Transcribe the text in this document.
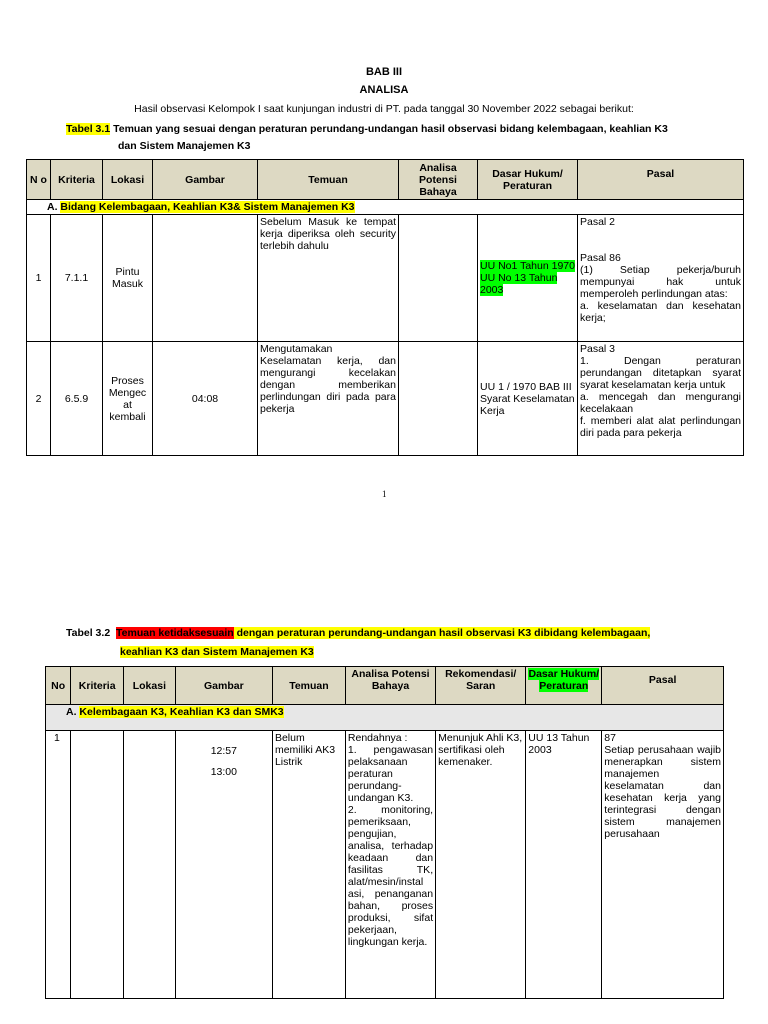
BAB III
ANALISA
Hasil observasi Kelompok I saat kunjungan industri di PT. pada tanggal 30 November 2022 sebagai berikut:
Tabel 3.1 Temuan yang sesuai dengan peraturan perundang-undangan hasil observasi bidang kelembagaan, keahlian K3
dan Sistem Manajemen K3
N o	Kriteria	Lokasi	Gambar	Temuan	Analisa Potensi Bahaya	Dasar Hukum/ Peraturan	Pasal
A. Bidang Kelembagaan, Keahlian K3& Sistem Manajemen K3							
1	7.1.1	Pintu Masuk		Sebelum Masuk ke tempat kerja diperiksa oleh security terlebih dahulu		UU No1 Tahun 1970
UU No 13 Tahun 2003	Pasal 2
Pasal 86
(1) Setiap pekerja/buruh mempunyai hak untuk memperoleh perlindungan atas:
a. keselamatan dan kesehatan kerja;

2	6.5.9	Proses Mengec at kembali	04:08	Mengutamakan Keselamatan kerja, dan mengurangi kecelakan dengan memberikan perlindungan diri pada para pekerja		UU 1 / 1970 BAB III Syarat Keselamatan Kerja	Pasal 3
1. Dengan peraturan perundangan ditetapkan syarat syarat keselamatan kerja untuk
a. mencegah dan mengurangi kecelakaan
f. memberi alat alat perlindungan diri pada para pekerja
1
Tabel 3.2 Temuan ketidaksesuain dengan peraturan perundang-undangan hasil observasi K3 dibidang kelembagaan,
keahlian K3 dan Sistem Manajemen K3
No	Kriteria	Lokasi	Gambar	Temuan	Analisa Potensi Bahaya	Rekomendasi/ Saran	Dasar Hukum/ Peraturan	Pasal
A. Kelembagaan K3, Keahlian K3 dan SMK3								
1			12:57
13:00	Belum memiliki AK3 Listrik	Rendahnya :
1. pengawasan pelaksanaan peraturan perundang-undangan K3.
2. monitoring, pemeriksaan, pengujian, analisa, terhadap keadaan dan fasilitas TK, alat/mesin/instal asi, penanganan bahan, proses produksi, sifat pekerjaan, lingkungan kerja.	Menunjuk Ahli K3, sertifikasi oleh kemenaker.	UU 13 Tahun 2003	87
Setiap perusahaan wajib menerapkan sistem manajemen keselamatan dan kesehatan kerja yang terintegrasi dengan sistem manajemen perusahaan
